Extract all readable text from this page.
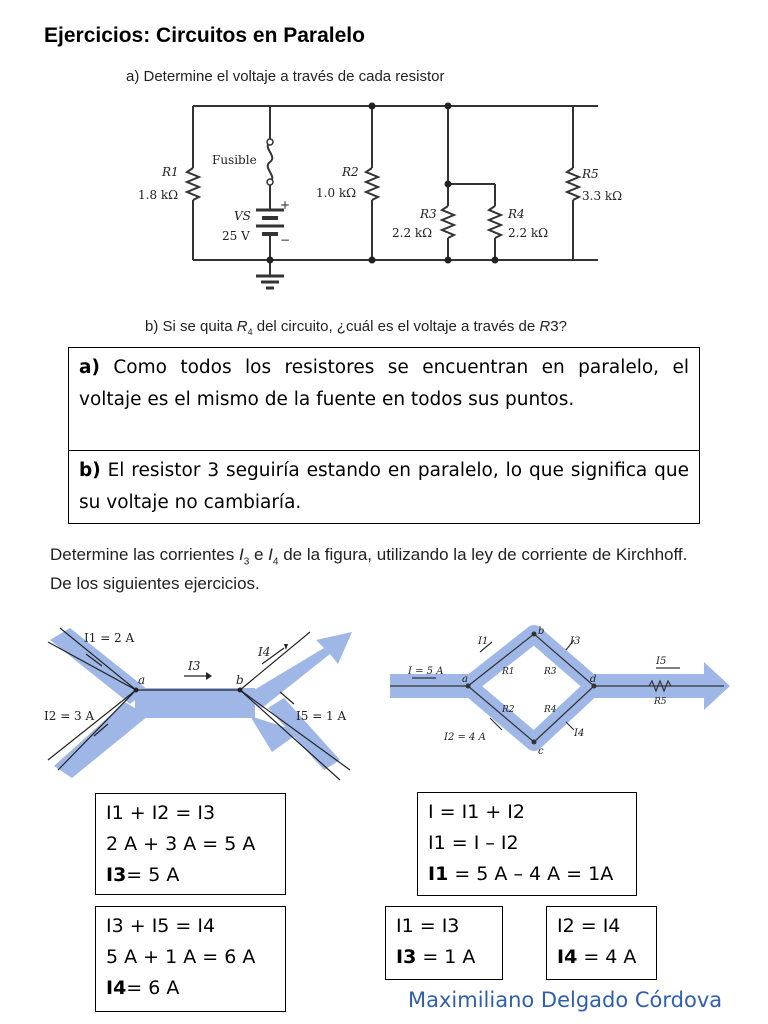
Ejercicios: Circuitos en Paralelo
a) Determine el voltaje a través de cada resistor
R1
1.8 kΩ
Fusible
VS
25 V
+
−
R2
1.0 kΩ
R3
2.2 kΩ
R4
2.2 kΩ
R5
3.3 kΩ
b) Si se quita $R_4$ del circuito, ¿cuál es el voltaje a través de R3?
a) Como todos los resistores se encuentran en paralelo, el voltaje es el mismo de la fuente en todos sus puntos.
b) El resistor 3 seguiría estando en paralelo, lo que significa que su voltaje no cambiaría.
Determine las corrientes $I_3$ e $I_4$ de la figura, utilizando la ley de corriente de Kirchhoff. De los siguientes ejercicios.
I1 = 2 A
I2 = 3 A
I3
I4
I5 = 1 A
a	b
I = 5 A
I1
I2 = 4 A
I3
I4
I5
R1
R2
R3
R4
R5
a
b
c
d
I1 + I2 = I3
2 A + 3 A = 5 A
I3= 5 A
I = I1 + I2
I1 = I – I2
I1 = 5 A – 4 A = 1A
I3 + I5 = I4
5 A + 1 A = 6 A
I4= 6 A
I1 = I3
I3 = 1 A
I2 = I4
I4 = 4 A
Maximiliano Delgado Córdova
